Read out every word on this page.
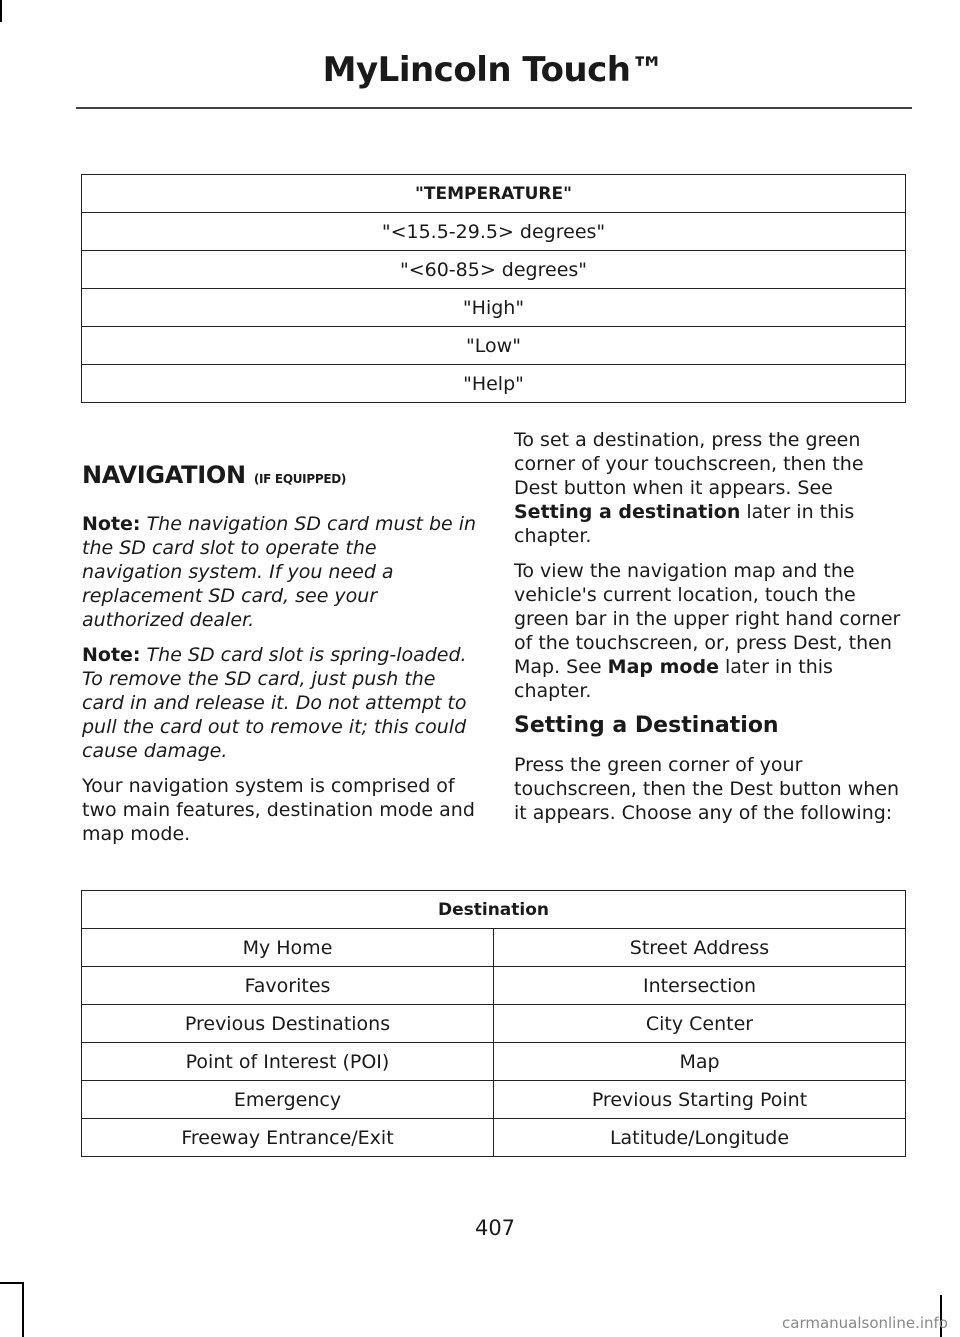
MyLincoln Touch™
"TEMPERATURE"
"<15.5-29.5> degrees"
"<60-85> degrees"
"High"
"Low"
"Help"
NAVIGATION (IF EQUIPPED)

Note: The navigation SD card must be in the SD card slot to operate the navigation system. If you need a replacement SD card, see your authorized dealer.

Note: The SD card slot is spring-loaded. To remove the SD card, just push the card in and release it. Do not attempt to pull the card out to remove it; this could cause damage.

Your navigation system is comprised of two main features, destination mode and map mode.

To set a destination, press the green corner of your touchscreen, then the Dest button when it appears. See Setting a destination later in this chapter.

To view the navigation map and the vehicle's current location, touch the green bar in the upper right hand corner of the touchscreen, or, press Dest, then Map. See Map mode later in this chapter.

Setting a Destination

Press the green corner of your touchscreen, then the Dest button when it appears. Choose any of the following:

Destination	
My Home	Street Address
Favorites	Intersection
Previous Destinations	City Center
Point of Interest (POI)	Map
Emergency	Previous Starting Point
Freeway Entrance/Exit	Latitude/Longitude
407
carmanualsonline.info
